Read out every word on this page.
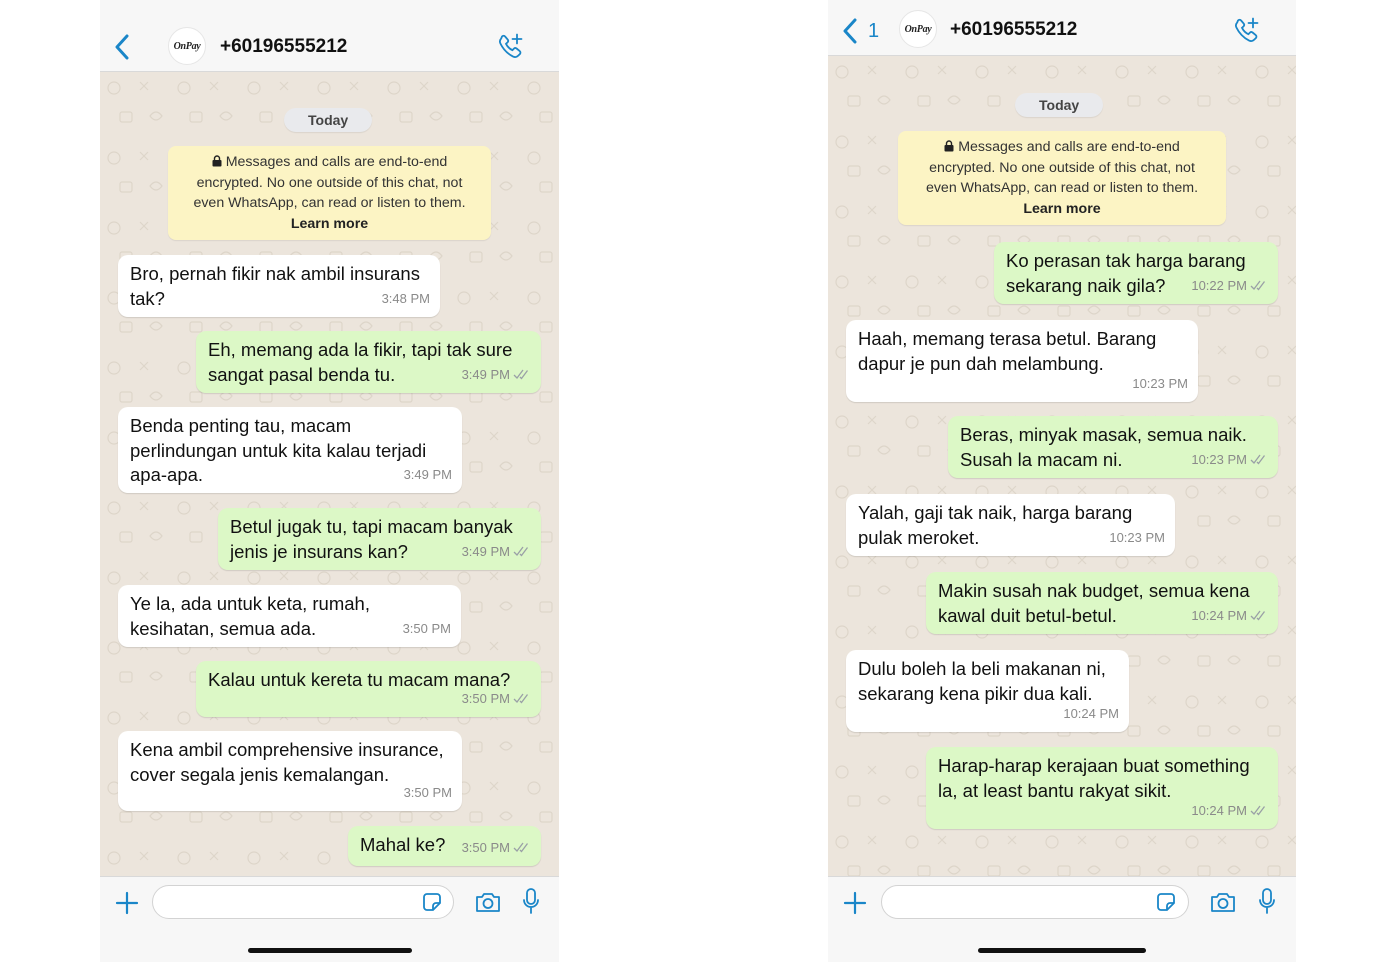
OnPay +60196555212
Today
Messages and calls are end-to-end
encrypted. No one outside of this chat, not
even WhatsApp, can read or listen to them.
Learn more
Bro, pernah fikir nak ambil insurans tak?	3:48 PM
Eh, memang ada la fikir, tapi tak sure sangat pasal benda tu.	3:49 PM
Benda penting tau, macam perlindungan untuk kita kalau terjadi apa-apa.	3:49 PM
Betul jugak tu, tapi macam banyak jenis je insurans kan?	3:49 PM
Ye la, ada untuk keta, rumah, kesihatan, semua ada.	3:50 PM
Kalau untuk kereta tu macam mana?
3:50 PM
Kena ambil comprehensive insurance, cover segala jenis kemalangan.
3:50 PM
Mahal ke?	3:50 PM
1	OnPay +60196555212
Today
Messages and calls are end-to-end
encrypted. No one outside of this chat, not
even WhatsApp, can read or listen to them.
Learn more
Ko perasan tak harga barang sekarang naik gila?	10:22 PM
Haah, memang terasa betul. Barang dapur je pun dah melambung.
10:23 PM
Beras, minyak masak, semua naik. Susah la macam ni.	10:23 PM
Yalah, gaji tak naik, harga barang pulak meroket.	10:23 PM
Makin susah nak budget, semua kena kawal duit betul-betul.	10:24 PM
Dulu boleh la beli makanan ni, sekarang kena pikir dua kali.
10:24 PM
Harap-harap kerajaan buat something la, at least bantu rakyat sikit.
10:24 PM
